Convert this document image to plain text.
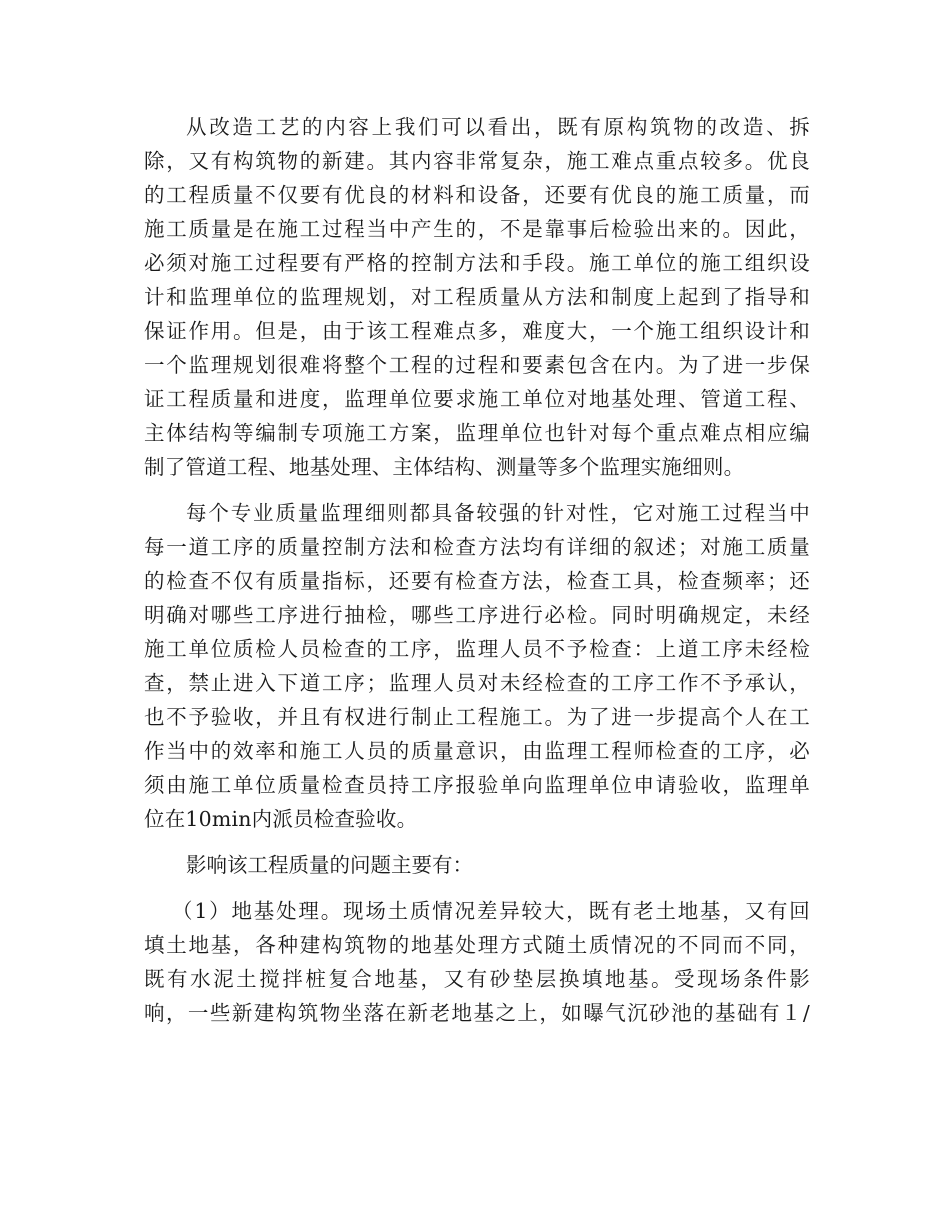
从改造工艺的内容上我们可以看出，既有原构筑物的改造、拆
除，又有构筑物的新建。其内容非常复杂，施工难点重点较多。优良
的工程质量不仅要有优良的材料和设备，还要有优良的施工质量，而
施工质量是在施工过程当中产生的，不是靠事后检验出来的。因此，
必须对施工过程要有严格的控制方法和手段。施工单位的施工组织设
计和监理单位的监理规划，对工程质量从方法和制度上起到了指导和
保证作用。但是，由于该工程难点多，难度大，一个施工组织设计和
一个监理规划很难将整个工程的过程和要素包含在内。为了进一步保
证工程质量和进度，监理单位要求施工单位对地基处理、管道工程、
主体结构等编制专项施工方案，监理单位也针对每个重点难点相应编
制了管道工程、地基处理、主体结构、测量等多个监理实施细则。
每个专业质量监理细则都具备较强的针对性，它对施工过程当中
每一道工序的质量控制方法和检查方法均有详细的叙述；对施工质量
的检查不仅有质量指标，还要有检查方法，检查工具，检查频率；还
明确对哪些工序进行抽检，哪些工序进行必检。同时明确规定，未经
施工单位质检人员检查的工序，监理人员不予检查：上道工序未经检
查，禁止进入下道工序；监理人员对未经检查的工序工作不予承认，
也不予验收，并且有权进行制止工程施工。为了进一步提高个人在工
作当中的效率和施工人员的质量意识，由监理工程师检查的工序，必
须由施工单位质量检查员持工序报验单向监理单位申请验收，监理单
位在10min内派员检查验收。
影响该工程质量的问题主要有：
（1）地基处理。现场土质情况差异较大，既有老土地基，又有回
填土地基，各种建构筑物的地基处理方式随土质情况的不同而不同，
既有水泥土搅拌桩复合地基，又有砂垫层换填地基。受现场条件影
响，一些新建构筑物坐落在新老地基之上，如曝气沉砂池的基础有１/
